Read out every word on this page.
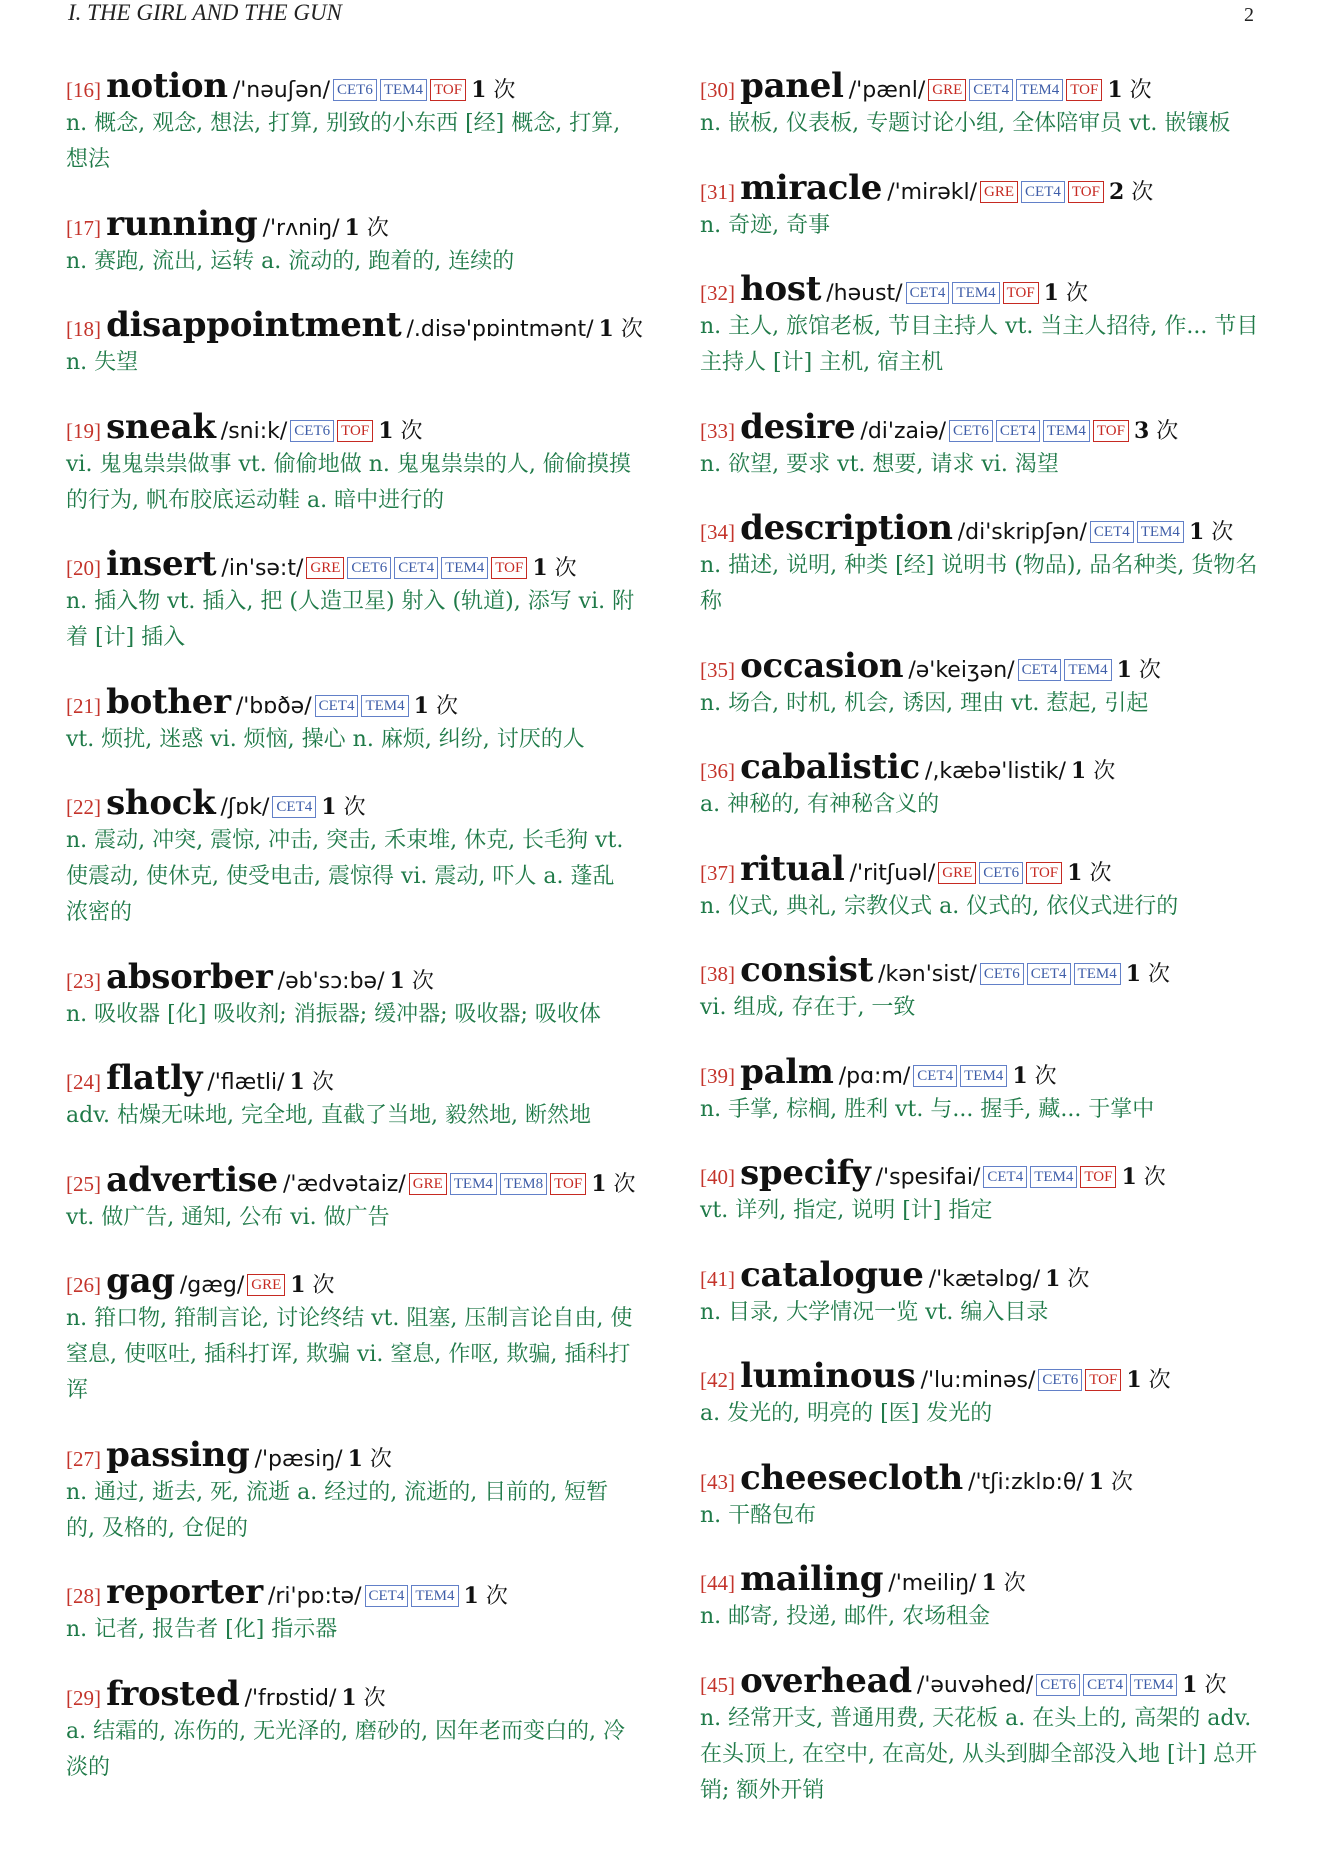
I. THE GIRL AND THE GUN	2
[16] notion /'nəuʃən/ CET6 TEM4 TOF 1 次
n. 概念, 观念, 想法, 打算, 别致的小东西 [经] 概念, 打算, 想法
[17] running /'rʌniŋ/ 1 次
n. 赛跑, 流出, 运转 a. 流动的, 跑着的, 连续的
[18] disappointment /.disə'pɒintmənt/ 1 次
n. 失望
[19] sneak /sni:k/ CET6 TOF 1 次
vi. 鬼鬼祟祟做事 vt. 偷偷地做 n. 鬼鬼祟祟的人, 偷偷摸摸的行为, 帆布胶底运动鞋 a. 暗中进行的
[20] insert /in'sə:t/ GRE CET6 CET4 TEM4 TOF 1 次
n. 插入物 vt. 插入, 把 (人造卫星) 射入 (轨道), 添写 vi. 附着 [计] 插入
[21] bother /'bɒðə/ CET4 TEM4 1 次
vt. 烦扰, 迷惑 vi. 烦恼, 操心 n. 麻烦, 纠纷, 讨厌的人
[22] shock /ʃɒk/ CET4 1 次
n. 震动, 冲突, 震惊, 冲击, 突击, 禾束堆, 休克, 长毛狗 vt. 使震动, 使休克, 使受电击, 震惊得 vi. 震动, 吓人 a. 蓬乱浓密的
[23] absorber /əb'sɔ:bə/ 1 次
n. 吸收器 [化] 吸收剂; 消振器; 缓冲器; 吸收器; 吸收体
[24] flatly /'flætli/ 1 次
adv. 枯燥无味地, 完全地, 直截了当地, 毅然地, 断然地
[25] advertise /'ædvətaiz/ GRE TEM4 TEM8 TOF 1 次
vt. 做广告, 通知, 公布 vi. 做广告
[26] gag /gæg/ GRE 1 次
n. 箝口物, 箝制言论, 讨论终结 vt. 阻塞, 压制言论自由, 使窒息, 使呕吐, 插科打诨, 欺骗 vi. 窒息, 作呕, 欺骗, 插科打诨
[27] passing /'pæsiŋ/ 1 次
n. 通过, 逝去, 死, 流逝 a. 经过的, 流逝的, 目前的, 短暂的, 及格的, 仓促的
[28] reporter /ri'pɒ:tə/ CET4 TEM4 1 次
n. 记者, 报告者 [化] 指示器
[29] frosted /'frɒstid/ 1 次
a. 结霜的, 冻伤的, 无光泽的, 磨砂的, 因年老而变白的, 冷淡的
[30] panel /'pænl/ GRE CET4 TEM4 TOF 1 次
n. 嵌板, 仪表板, 专题讨论小组, 全体陪审员 vt. 嵌镶板
[31] miracle /'mirəkl/ GRE CET4 TOF 2 次
n. 奇迹, 奇事
[32] host /həust/ CET4 TEM4 TOF 1 次
n. 主人, 旅馆老板, 节目主持人 vt. 当主人招待, 作... 节目主持人 [计] 主机, 宿主机
[33] desire /di'zaiə/ CET6 CET4 TEM4 TOF 3 次
n. 欲望, 要求 vt. 想要, 请求 vi. 渴望
[34] description /di'skripʃən/ CET4 TEM4 1 次
n. 描述, 说明, 种类 [经] 说明书 (物品), 品名种类, 货物名称
[35] occasion /ə'keiʒən/ CET4 TEM4 1 次
n. 场合, 时机, 机会, 诱因, 理由 vt. 惹起, 引起
[36] cabalistic /,kæbə'listik/ 1 次
a. 神秘的, 有神秘含义的
[37] ritual /'ritʃuəl/ GRE CET6 TOF 1 次
n. 仪式, 典礼, 宗教仪式 a. 仪式的, 依仪式进行的
[38] consist /kən'sist/ CET6 CET4 TEM4 1 次
vi. 组成, 存在于, 一致
[39] palm /pɑ:m/ CET4 TEM4 1 次
n. 手掌, 棕榈, 胜利 vt. 与... 握手, 藏... 于掌中
[40] specify /'spesifai/ CET4 TEM4 TOF 1 次
vt. 详列, 指定, 说明 [计] 指定
[41] catalogue /'kætəlɒg/ 1 次
n. 目录, 大学情况一览 vt. 编入目录
[42] luminous /'lu:minəs/ CET6 TOF 1 次
a. 发光的, 明亮的 [医] 发光的
[43] cheesecloth /'tʃi:zklɒ:θ/ 1 次
n. 干酪包布
[44] mailing /'meiliŋ/ 1 次
n. 邮寄, 投递, 邮件, 农场租金
[45] overhead /'əuvəhed/ CET6 CET4 TEM4 1 次
n. 经常开支, 普通用费, 天花板 a. 在头上的, 高架的 adv. 在头顶上, 在空中, 在高处, 从头到脚全部没入地 [计] 总开销; 额外开销
